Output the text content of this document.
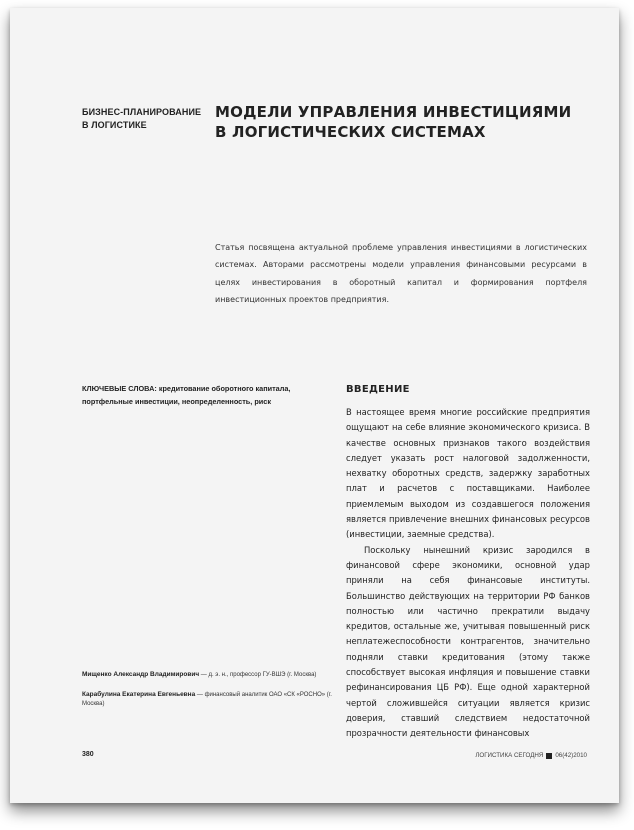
БИЗНЕС-ПЛАНИРОВАНИЕ
В ЛОГИСТИКЕ
МОДЕЛИ УПРАВЛЕНИЯ ИНВЕСТИЦИЯМИ
В ЛОГИСТИЧЕСКИХ СИСТЕМАХ
Статья посвящена актуальной проблеме управления инвестициями в логистических системах. Авторами рассмотрены модели управления финансовыми ресурсами в целях инвестирования в оборотный капитал и формирования портфеля инвестиционных проектов предприятия.
КЛЮЧЕВЫЕ СЛОВА: кредитование оборотного капитала, портфельные инвестиции, неопределенность, риск
ВВЕДЕНИЕ

В настоящее время многие российские предприятия ощущают на себе влияние экономического кризиса. В качестве основных признаков такого воздействия следует указать рост налоговой задолженности, нехватку оборотных средств, задержку заработных плат и расчетов с поставщиками. Наиболее приемлемым выходом из создавшегося положения является привлечение внешних финансовых ресурсов (инвестиции, заемные средства).

Поскольку нынешний кризис зародился в финансовой сфере экономики, основной удар приняли на себя финансовые институты. Большинство действующих на территории РФ банков полностью или частично прекратили выдачу кредитов, остальные же, учитывая повышенный риск неплатежеспособности контрагентов, значительно подняли ставки кредитования (этому также способствует высокая инфляция и повышение ставки рефинансирования ЦБ РФ). Еще одной характерной чертой сложившейся ситуации является кризис доверия, ставший следствием недостаточной прозрачности деятельности финансовых

Мищенко Александр Владимирович — д. э. н., профессор ГУ-ВШЭ (г. Москва)

Карабулина Екатерина Евгеньевна — финансовый аналитик ОАО «СК «РОСНО» (г. Москва)

380	ЛОГИСТИКА СЕГОДНЯ 06(42)2010
